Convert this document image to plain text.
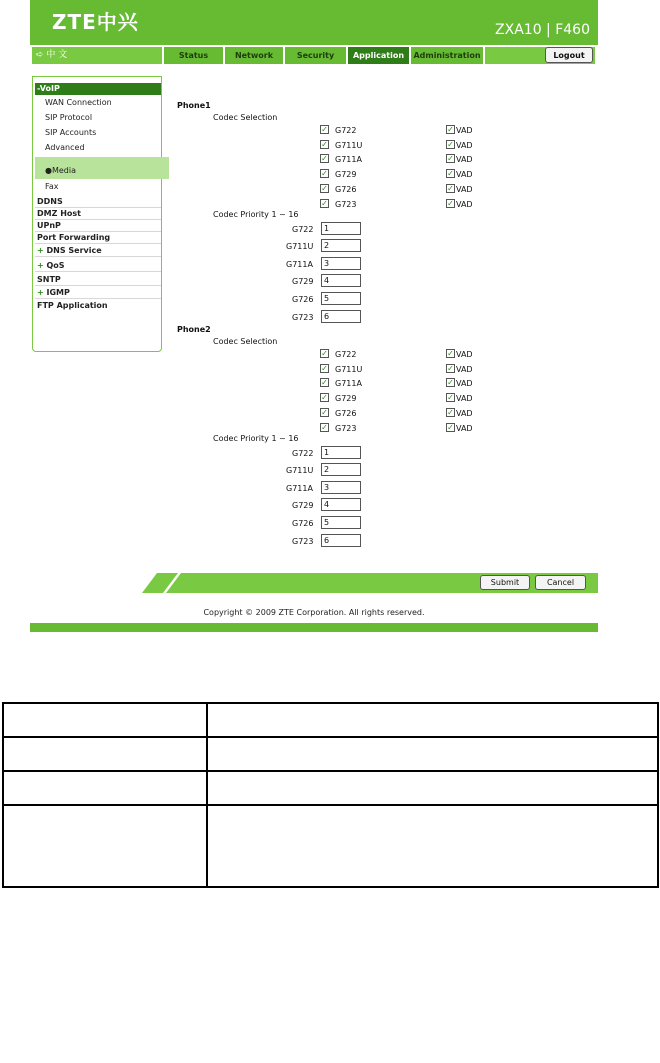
ZTE中兴	ZXA10 | F460
➪ 中 文	Status	Network	Security	Application	Administration	Logout
-VoIP
WAN Connection
SIP Protocol
SIP Accounts
Advanced
●Media
Fax
DDNS
DMZ Host
UPnP
Port Forwarding
+ DNS Service
+ QoS
SNTP
+ IGMP
FTP Application
Phone1
Codec Selection
✓ G722	✓ VAD
✓ G711U	✓ VAD
✓ G711A	✓ VAD
✓ G729	✓ VAD
✓ G726	✓ VAD
✓ G723	✓ VAD
Codec Priority 1 ~ 16
G722	1
G711U	2
G711A	3
G729	4
G726	5
G723	6
Phone2
Codec Selection
✓ G722	✓ VAD
✓ G711U	✓ VAD
✓ G711A	✓ VAD
✓ G729	✓ VAD
✓ G726	✓ VAD
✓ G723	✓ VAD
Codec Priority 1 ~ 16
G722	1
G711U	2
G711A	3
G729	4
G726	5
G723	6
Submit	Cancel
Copyright © 2009 ZTE Corporation. All rights reserved.
